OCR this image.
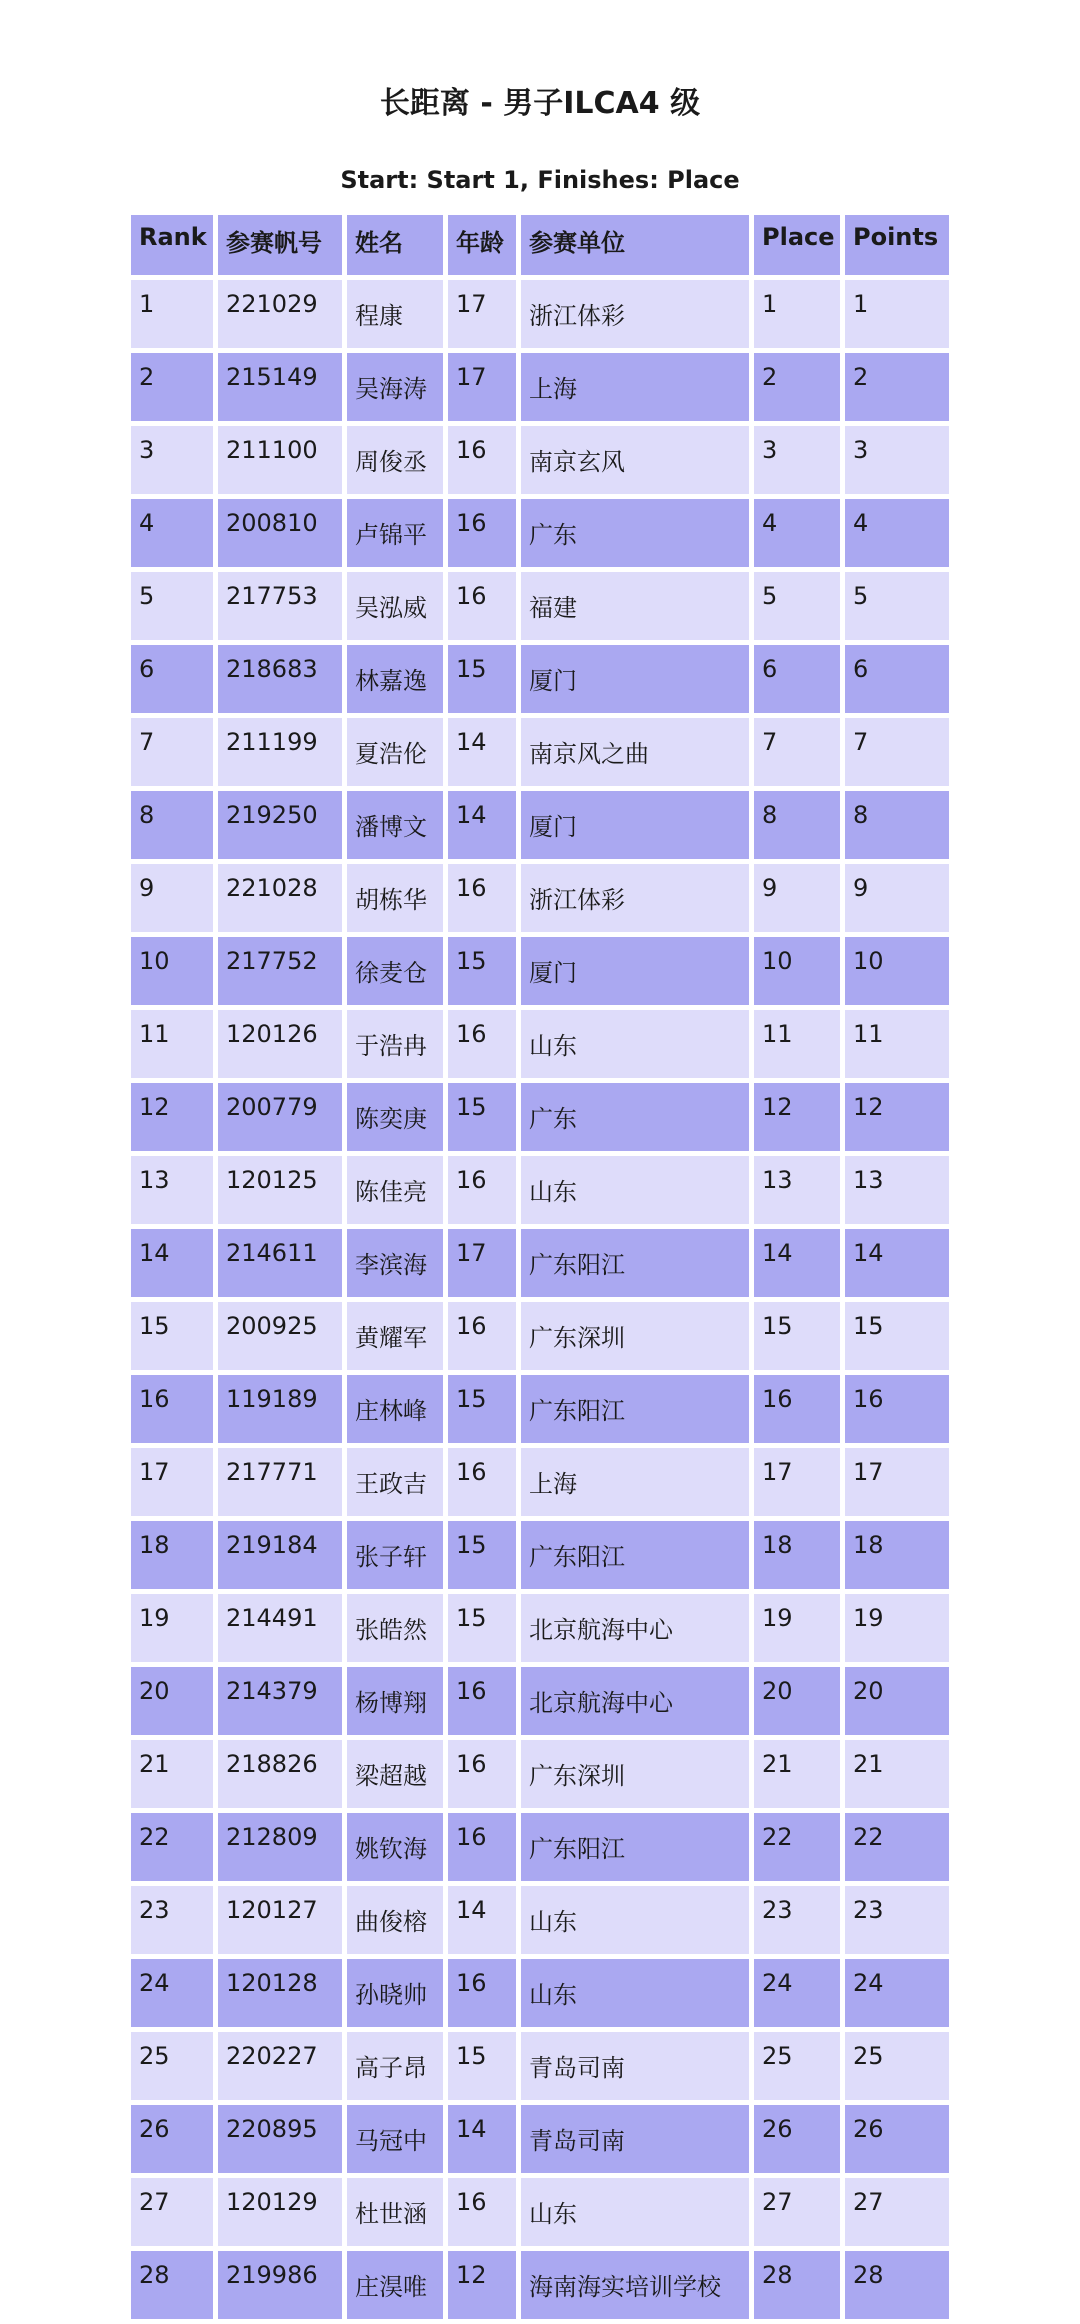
长距离 - 男子ILCA4 级
Start: Start 1, Finishes: Place
Rank	参赛帆号	姓名	年龄	参赛单位	Place	Points
1	221029	程康	17	浙江体彩	1	1
2	215149	吴海涛	17	上海	2	2
3	211100	周俊丞	16	南京玄风	3	3
4	200810	卢锦平	16	广东	4	4
5	217753	吴泓威	16	福建	5	5
6	218683	林嘉逸	15	厦门	6	6
7	211199	夏浩伦	14	南京风之曲	7	7
8	219250	潘博文	14	厦门	8	8
9	221028	胡栋华	16	浙江体彩	9	9
10	217752	徐麦仓	15	厦门	10	10
11	120126	于浩冉	16	山东	11	11
12	200779	陈奕庚	15	广东	12	12
13	120125	陈佳亮	16	山东	13	13
14	214611	李滨海	17	广东阳江	14	14
15	200925	黄耀军	16	广东深圳	15	15
16	119189	庄林峰	15	广东阳江	16	16
17	217771	王政吉	16	上海	17	17
18	219184	张子轩	15	广东阳江	18	18
19	214491	张皓然	15	北京航海中心	19	19
20	214379	杨博翔	16	北京航海中心	20	20
21	218826	梁超越	16	广东深圳	21	21
22	212809	姚钦海	16	广东阳江	22	22
23	120127	曲俊榕	14	山东	23	23
24	120128	孙晓帅	16	山东	24	24
25	220227	高子昂	15	青岛司南	25	25
26	220895	马冠中	14	青岛司南	26	26
27	120129	杜世涵	16	山东	27	27
28	219986	庄淏唯	12	海南海实培训学校	28	28
